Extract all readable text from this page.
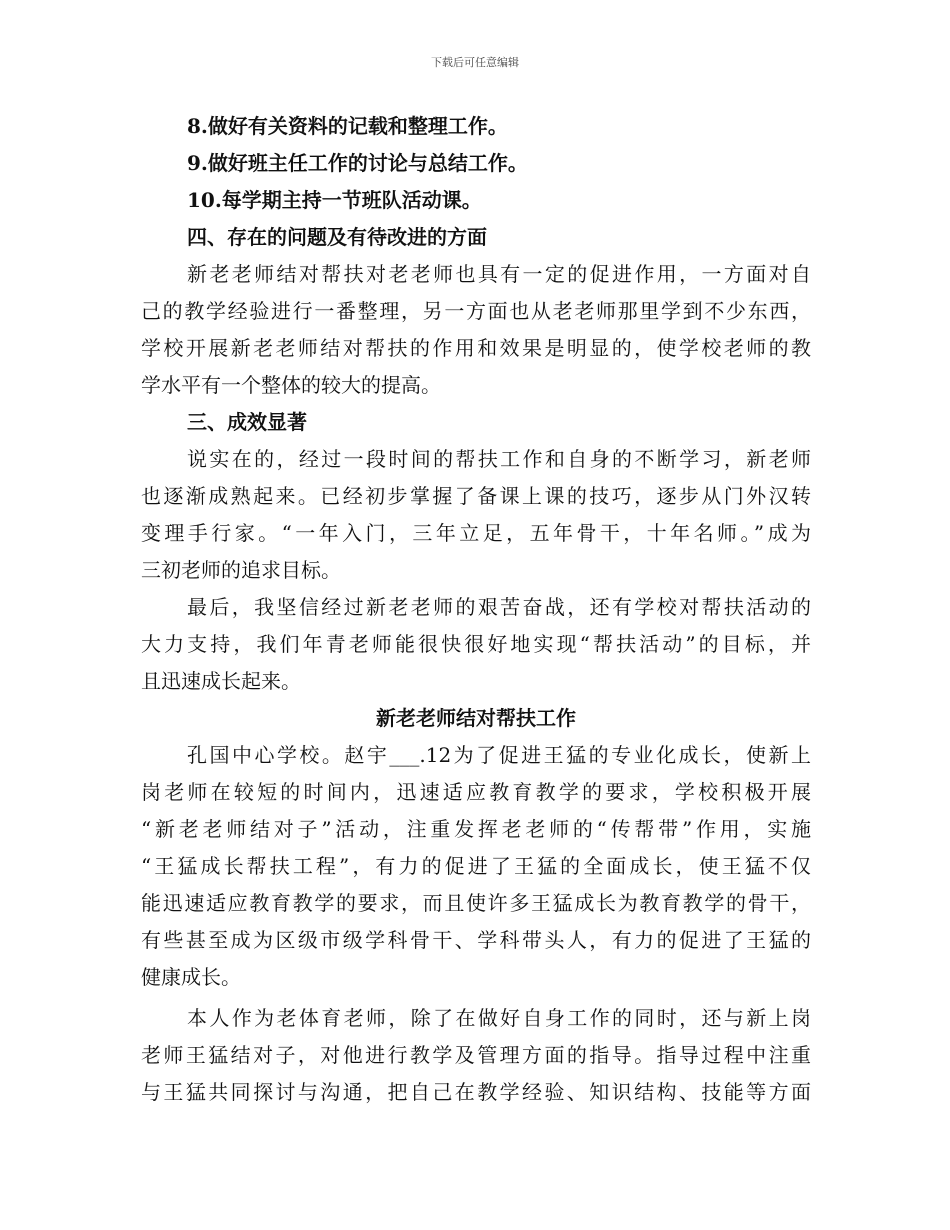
下载后可任意编辑
8.做好有关资料的记载和整理工作。
9.做好班主任工作的讨论与总结工作。
10.每学期主持一节班队活动课。
四、存在的问题及有待改进的方面
新老老师结对帮扶对老老师也具有一定的促进作用，一方面对自
己的教学经验进行一番整理，另一方面也从老老师那里学到不少东西，
学校开展新老老师结对帮扶的作用和效果是明显的，使学校老师的教
学水平有一个整体的较大的提高。
三、成效显著
说实在的，经过一段时间的帮扶工作和自身的不断学习，新老师
也逐渐成熟起来。已经初步掌握了备课上课的技巧，逐步从门外汉转
变理手行家。“一年入门，三年立足，五年骨干，十年名师。”成为
三初老师的追求目标。
最后，我坚信经过新老老师的艰苦奋战，还有学校对帮扶活动的
大力支持，我们年青老师能很快很好地实现“帮扶活动”的目标，并
且迅速成长起来。
新老老师结对帮扶工作
孔国中心学校。赵宇___.12为了促进王猛的专业化成长，使新上
岗老师在较短的时间内，迅速适应教育教学的要求，学校积极开展
“新老老师结对子”活动，注重发挥老老师的“传帮带”作用，实施
“王猛成长帮扶工程”，有力的促进了王猛的全面成长，使王猛不仅
能迅速适应教育教学的要求，而且使许多王猛成长为教育教学的骨干，
有些甚至成为区级市级学科骨干、学科带头人，有力的促进了王猛的
健康成长。
本人作为老体育老师，除了在做好自身工作的同时，还与新上岗
老师王猛结对子，对他进行教学及管理方面的指导。指导过程中注重
与王猛共同探讨与沟通，把自己在教学经验、知识结构、技能等方面
